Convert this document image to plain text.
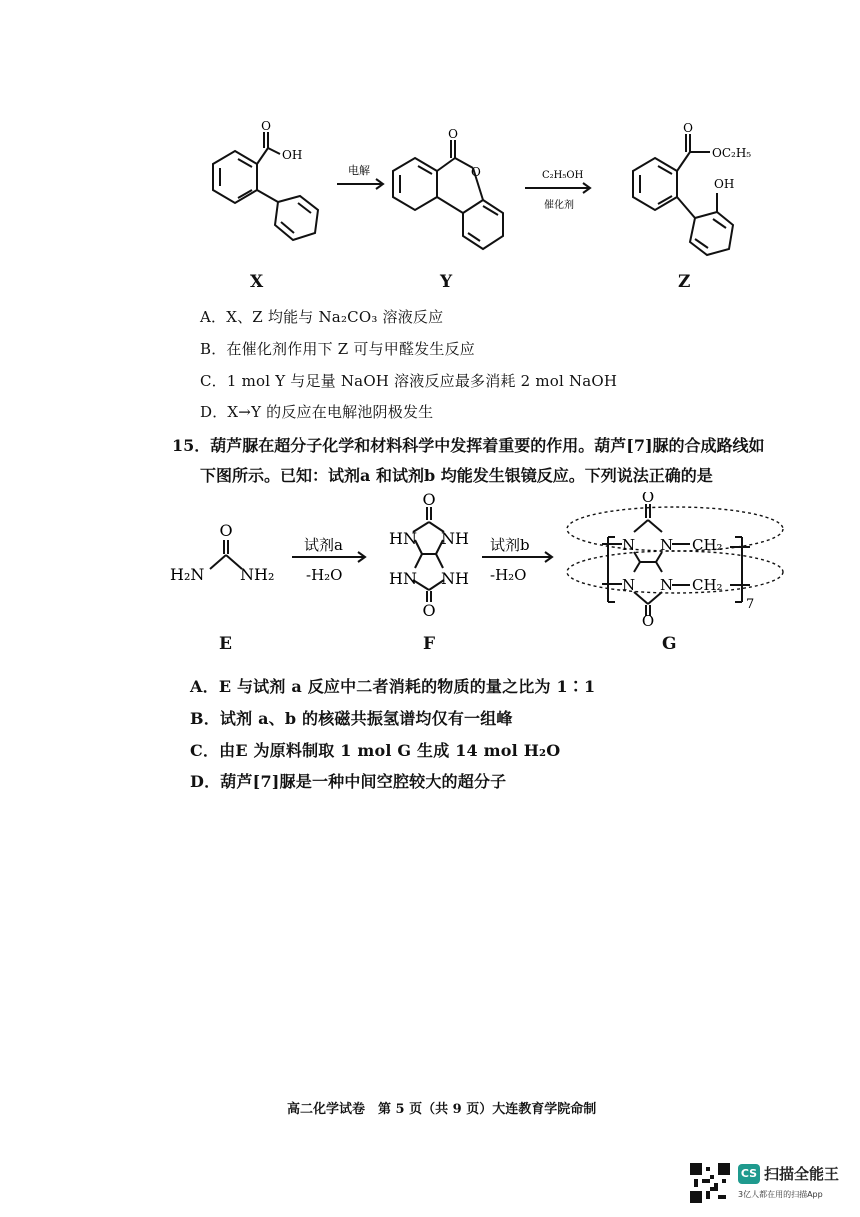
O
OH
O
O
O
OC₂H₅
OH
电解	C₂H₅OH
催化剂
X	Y	Z
A．X、Z 均能与 Na₂CO₃ 溶液反应
B．在催化剂作用下 Z 可与甲醛发生反应
C．1 mol Y 与足量 NaOH 溶液反应最多消耗 2 mol NaOH
D．X→Y 的反应在电解池阴极发生
15．葫芦脲在超分子化学和材料科学中发挥着重要的作用。葫芦[7]脲的合成路线如
下图所示。已知：试剂a 和试剂b 均能发生银镜反应。下列说法正确的是
O
H₂N NH₂
O
HN NH
HN NH
O
试剂a
-H₂O
试剂b
-H₂O
O
N N CH₂
N N CH₂
O
7
E	F	G
A．E 与试剂 a 反应中二者消耗的物质的量之比为 1∶1
B．试剂 a、b 的核磁共振氢谱均仅有一组峰
C．由E 为原料制取 1 mol G 生成 14 mol H₂O
D．葫芦[7]脲是一种中间空腔较大的超分子
高二化学试卷　第 5 页（共 9 页）大连教育学院命制
CS 扫描全能王
3亿人都在用的扫描App
